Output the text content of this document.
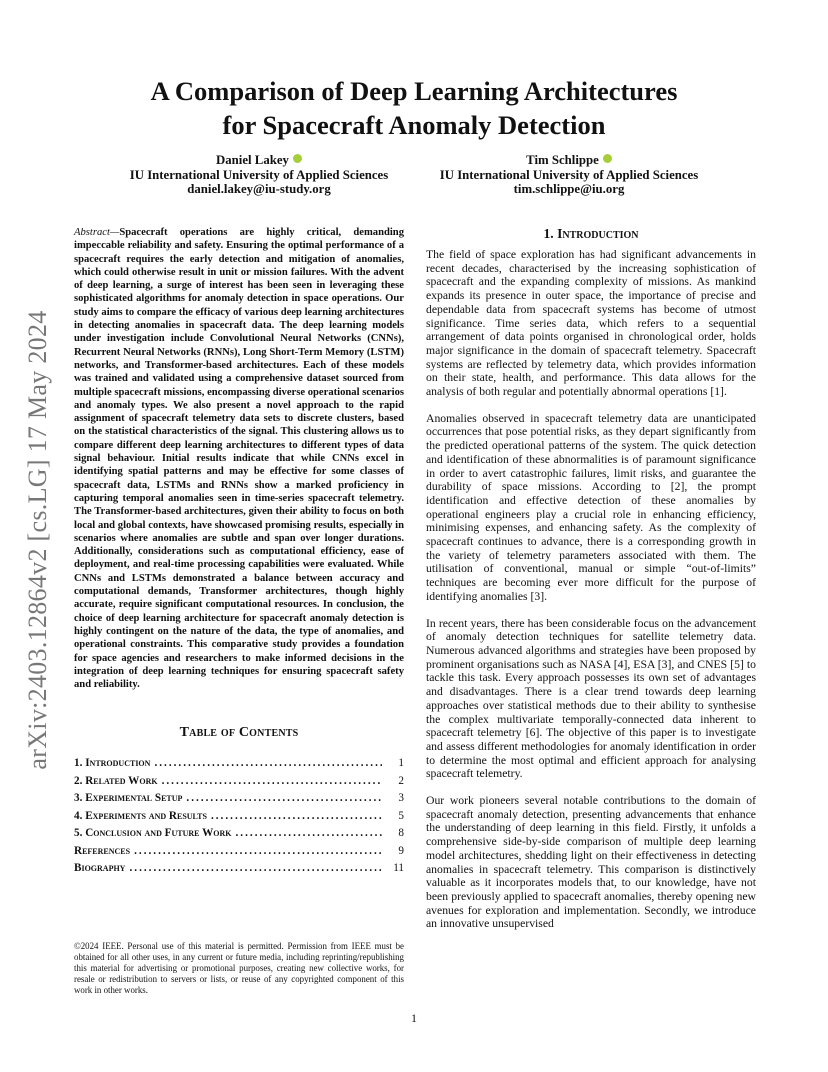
arXiv:2403.12864v2 [cs.LG] 17 May 2024
A Comparison of Deep Learning Architectures
for Spacecraft Anomaly Detection
Daniel Lakey
IU International University of Applied Sciences
daniel.lakey@iu-study.org
Tim Schlippe
IU International University of Applied Sciences
tim.schlippe@iu.org

Abstract—Spacecraft operations are highly critical, demanding impeccable reliability and safety. Ensuring the optimal performance of a spacecraft requires the early detection and mitigation of anomalies, which could otherwise result in unit or mission failures. With the advent of deep learning, a surge of interest has been seen in leveraging these sophisticated algorithms for anomaly detection in space operations. Our study aims to compare the efficacy of various deep learning architectures in detecting anomalies in spacecraft data. The deep learning models under investigation include Convolutional Neural Networks (CNNs), Recurrent Neural Networks (RNNs), Long Short-Term Memory (LSTM) networks, and Transformer-based architectures. Each of these models was trained and validated using a comprehensive dataset sourced from multiple spacecraft missions, encompassing diverse operational scenarios and anomaly types. We also present a novel approach to the rapid assignment of spacecraft telemetry data sets to discrete clusters, based on the statistical characteristics of the signal. This clustering allows us to compare different deep learning architectures to different types of data signal behaviour. Initial results indicate that while CNNs excel in identifying spatial patterns and may be effective for some classes of spacecraft data, LSTMs and RNNs show a marked proficiency in capturing temporal anomalies seen in time-series spacecraft telemetry. The Transformer-based architectures, given their ability to focus on both local and global contexts, have showcased promising results, especially in scenarios where anomalies are subtle and span over longer durations. Additionally, considerations such as computational efficiency, ease of deployment, and real-time processing capabilities were evaluated. While CNNs and LSTMs demonstrated a balance between accuracy and computational demands, Transformer architectures, though highly accurate, require significant computational resources. In conclusion, the choice of deep learning architecture for spacecraft anomaly detection is highly contingent on the nature of the data, the type of anomalies, and operational constraints. This comparative study provides a foundation for space agencies and researchers to make informed decisions in the integration of deep learning techniques for ensuring spacecraft safety and reliability.

Table of Contents
1. Introduction .....	1
2. Related Work .....	2
3. Experimental Setup .....	3
4. Experiments and Results .....	5
5. Conclusion and Future Work .....	8
References .....	9
Biography .....	11

©2024 IEEE. Personal use of this material is permitted. Permission from IEEE must be obtained for all other uses, in any current or future media, including reprinting/republishing this material for advertising or promotional purposes, creating new collective works, for resale or redistribution to servers or lists, or reuse of any copyrighted component of this work in other works.

1. Introduction

The field of space exploration has had significant advancements in recent decades, characterised by the increasing sophistication of spacecraft and the expanding complexity of missions. As mankind expands its presence in outer space, the importance of precise and dependable data from spacecraft systems has become of utmost significance. Time series data, which refers to a sequential arrangement of data points organised in chronological order, holds major significance in the domain of spacecraft telemetry. Spacecraft systems are reflected by telemetry data, which provides information on their state, health, and performance. This data allows for the analysis of both regular and potentially abnormal operations [1].

Anomalies observed in spacecraft telemetry data are unanticipated occurrences that pose potential risks, as they depart significantly from the predicted operational patterns of the system. The quick detection and identification of these abnormalities is of paramount significance in order to avert catastrophic failures, limit risks, and guarantee the durability of space missions. According to [2], the prompt identification and effective detection of these anomalies by operational engineers play a crucial role in enhancing efficiency, minimising expenses, and enhancing safety. As the complexity of spacecraft continues to advance, there is a corresponding growth in the variety of telemetry parameters associated with them. The utilisation of conventional, manual or simple “out-of-limits” techniques are becoming ever more difficult for the purpose of identifying anomalies [3].

In recent years, there has been considerable focus on the advancement of anomaly detection techniques for satellite telemetry data. Numerous advanced algorithms and strategies have been proposed by prominent organisations such as NASA [4], ESA [3], and CNES [5] to tackle this task. Every approach possesses its own set of advantages and disadvantages. There is a clear trend towards deep learning approaches over statistical methods due to their ability to synthesise the complex multivariate temporally-connected data inherent to spacecraft telemetry [6]. The objective of this paper is to investigate and assess different methodologies for anomaly identification in order to determine the most optimal and efficient approach for analysing spacecraft telemetry.

Our work pioneers several notable contributions to the domain of spacecraft anomaly detection, presenting advancements that enhance the understanding of deep learning in this field. Firstly, it unfolds a comprehensive side-by-side comparison of multiple deep learning model architectures, shedding light on their effectiveness in detecting anomalies in spacecraft telemetry. This comparison is distinctively valuable as it incorporates models that, to our knowledge, have not been previously applied to spacecraft anomalies, thereby opening new avenues for exploration and implementation. Secondly, we introduce an innovative unsupervised

1
